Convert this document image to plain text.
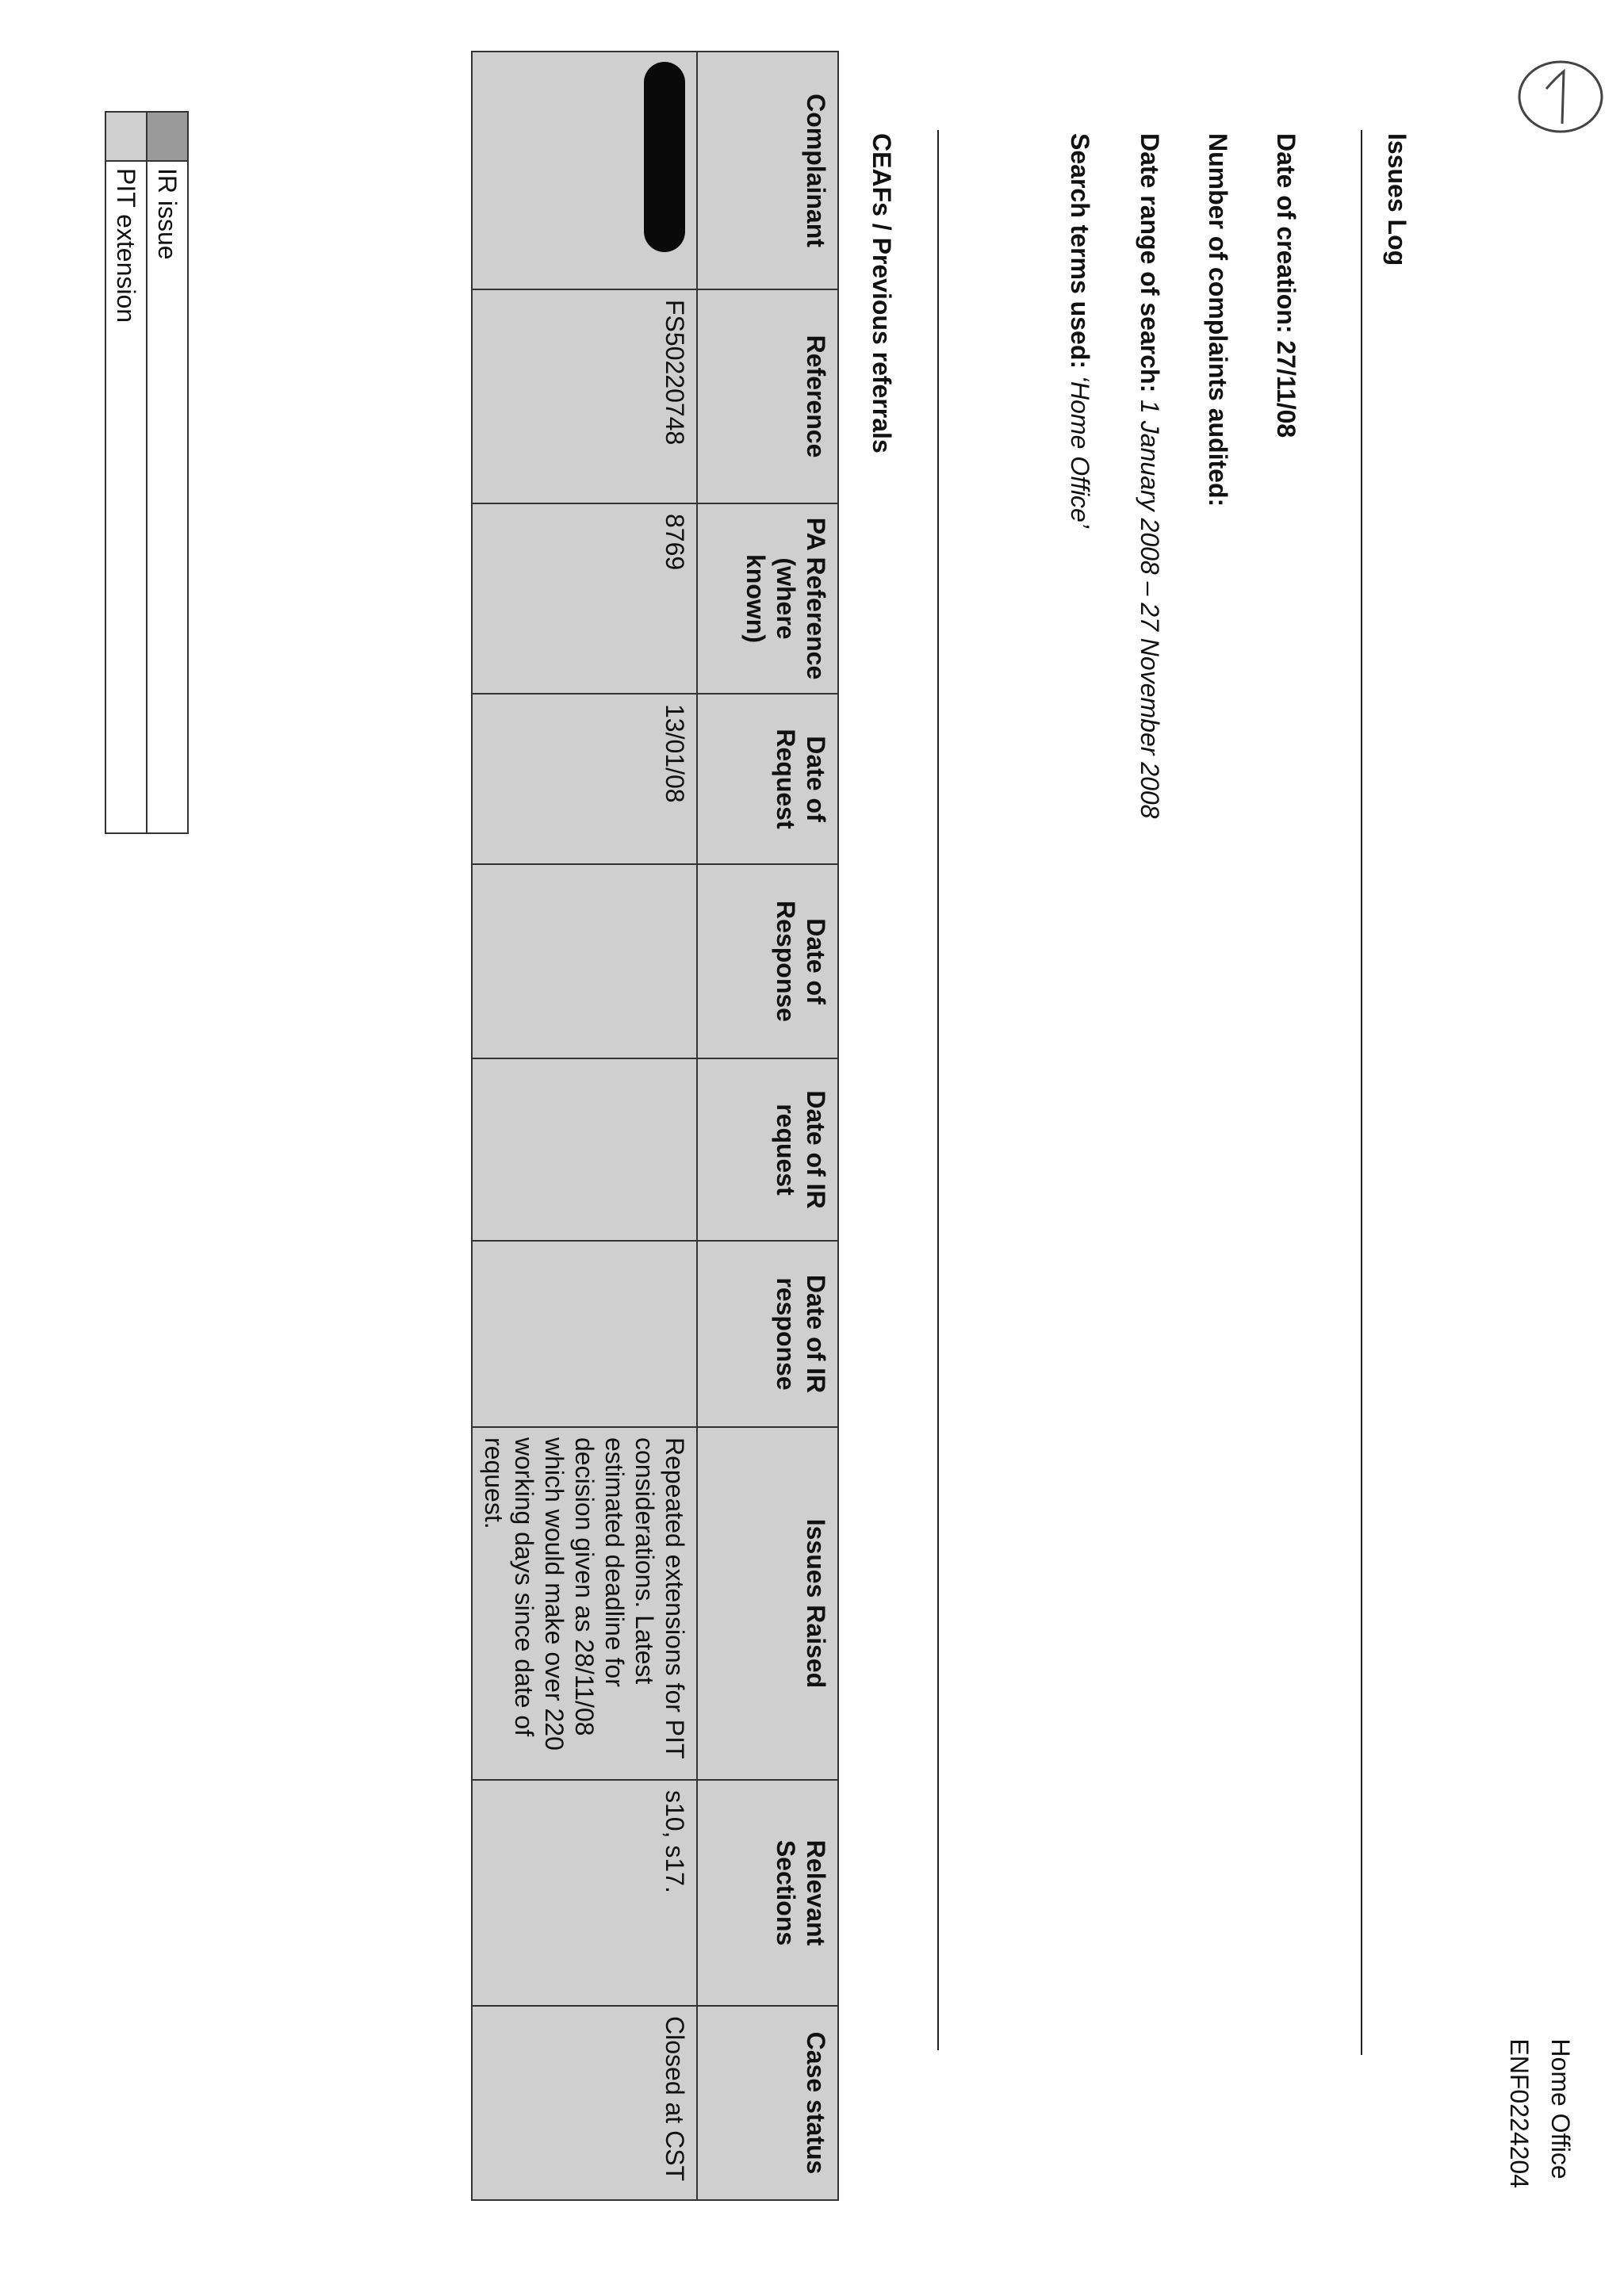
Home Office
ENF0224204
Issues Log
Date of creation: 27/11/08
Number of complaints audited:
Date range of search: 1 January 2008 – 27 November 2008
Search terms used: ‘Home Office’
CEAFs / Previous referrals
Complainant	Reference	PA Reference (where known)	Date of Request	Date of Response	Date of IR request	Date of IR response	Issues Raised	Relevant Sections	Case status
	FS50220748	8769	13/01/08				Repeated extensions for PIT considerations. Latest estimated deadline for decision given as 28/11/08 which would make over 220 working days since date of request.	s10, s17.	Closed at CST
	IR issue
	PIT extension
